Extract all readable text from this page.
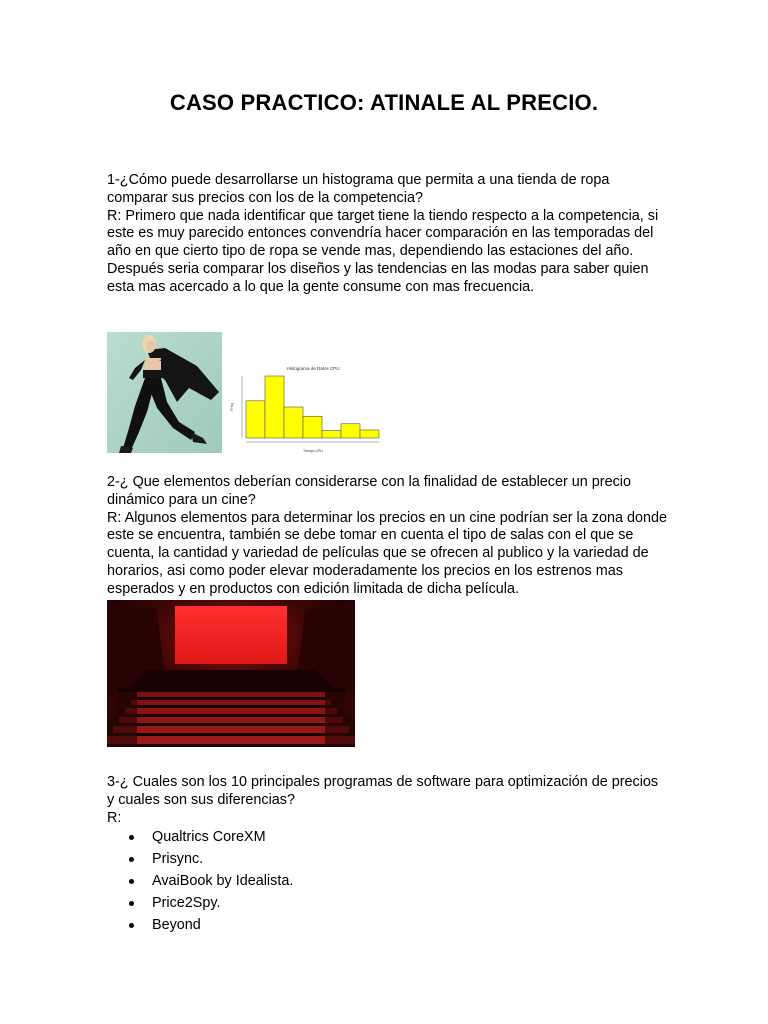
CASO PRACTICO: ATINALE AL PRECIO.

1-¿Cómo puede desarrollarse un histograma que permita a una tienda de ropa comparar sus precios con los de la competencia?

R: Primero que nada identificar que target tiene la tiendo respecto a la competencia, si este es muy parecido entonces convendría hacer comparación en las temporadas del año en que cierto tipo de ropa se vende mas, dependiendo las estaciones del año.

Después seria comparar los diseños y las tendencias en las modas para saber quien esta mas acercado a lo que la gente consume con mas frecuencia.

Histograma de Datos CPU
Freq
Tiempo CPU

2-¿ Que elementos deberían considerarse con la finalidad de establecer un precio dinámico para un cine?

R: Algunos elementos para determinar los precios en un cine podrían ser la zona donde este se encuentra, también se debe tomar en cuenta el tipo de salas con el que se cuenta, la cantidad y variedad de películas que se ofrecen al publico y la variedad de horarios, asi como poder elevar moderadamente los precios en los estrenos mas esperados y en productos con edición limitada de dicha película.

3-¿ Cuales son los 10 principales programas de software para optimización de precios y cuales son sus diferencias?

R:

Qualtrics CoreXM
Prisync.
AvaiBook by Idealista.
Price2Spy.
Beyond
